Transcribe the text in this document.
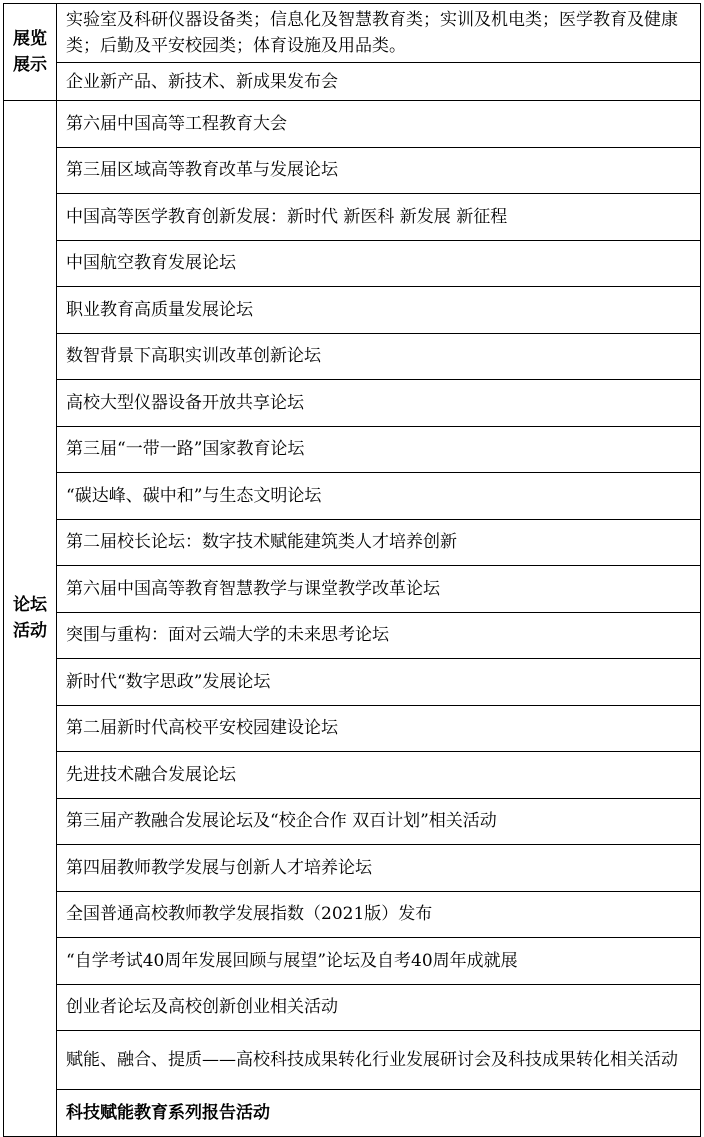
展览
展示	实验室及科研仪器设备类；信息化及智慧教育类；实训及机电类；医学教育及健康类；后勤及平安校园类；体育设施及用品类。
	企业新产品、新技术、新成果发布会

论坛
活动	第六届中国高等工程教育大会
	第三届区域高等教育改革与发展论坛
	中国高等医学教育创新发展：新时代 新医科 新发展 新征程
	中国航空教育发展论坛
	职业教育高质量发展论坛
	数智背景下高职实训改革创新论坛
	高校大型仪器设备开放共享论坛
	第三届“一带一路”国家教育论坛
	“碳达峰、碳中和”与生态文明论坛
	第二届校长论坛：数字技术赋能建筑类人才培养创新
	第六届中国高等教育智慧教学与课堂教学改革论坛
	突围与重构：面对云端大学的未来思考论坛
	新时代“数字思政”发展论坛
	第二届新时代高校平安校园建设论坛
	先进技术融合发展论坛
	第三届产教融合发展论坛及“校企合作 双百计划”相关活动
	第四届教师教学发展与创新人才培养论坛
	全国普通高校教师教学发展指数（2021版）发布
	“自学考试40周年发展回顾与展望”论坛及自考40周年成就展
	创业者论坛及高校创新创业相关活动
	赋能、融合、提质——高校科技成果转化行业发展研讨会及科技成果转化相关活动
	科技赋能教育系列报告活动
